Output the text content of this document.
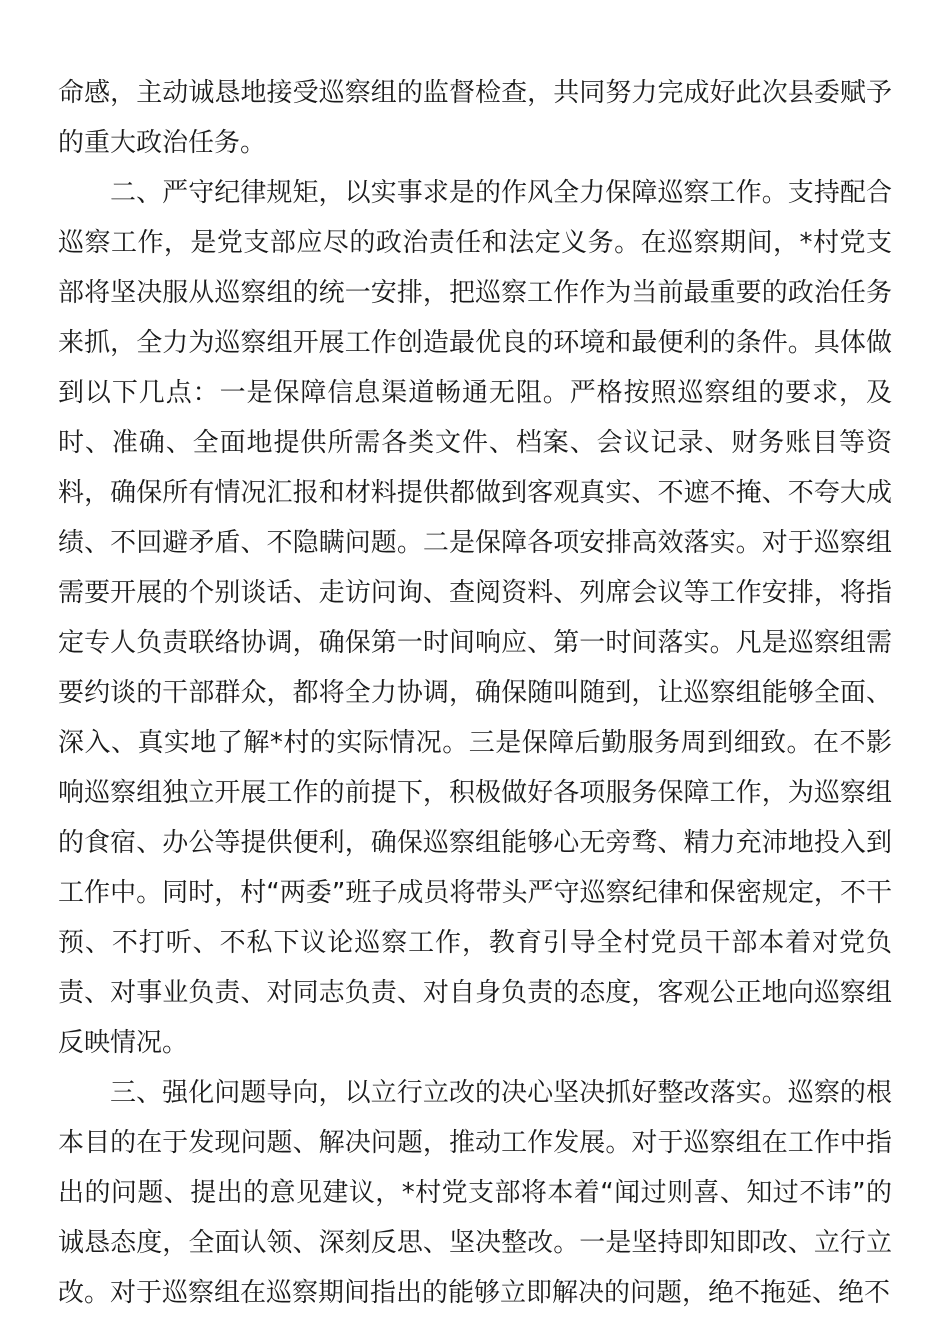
命感，主动诚恳地接受巡察组的监督检查，共同努力完成好此次县委赋予的重大政治任务。

二、严守纪律规矩，以实事求是的作风全力保障巡察工作。支持配合巡察工作，是党支部应尽的政治责任和法定义务。在巡察期间，*村党支部将坚决服从巡察组的统一安排，把巡察工作作为当前最重要的政治任务来抓，全力为巡察组开展工作创造最优良的环境和最便利的条件。具体做到以下几点：一是保障信息渠道畅通无阻。严格按照巡察组的要求，及时、准确、全面地提供所需各类文件、档案、会议记录、财务账目等资料，确保所有情况汇报和材料提供都做到客观真实、不遮不掩、不夸大成绩、不回避矛盾、不隐瞒问题。二是保障各项安排高效落实。对于巡察组需要开展的个别谈话、走访问询、查阅资料、列席会议等工作安排，将指定专人负责联络协调，确保第一时间响应、第一时间落实。凡是巡察组需要约谈的干部群众，都将全力协调，确保随叫随到，让巡察组能够全面、深入、真实地了解*村的实际情况。三是保障后勤服务周到细致。在不影响巡察组独立开展工作的前提下，积极做好各项服务保障工作，为巡察组的食宿、办公等提供便利，确保巡察组能够心无旁骛、精力充沛地投入到工作中。同时，村“两委”班子成员将带头严守巡察纪律和保密规定，不干预、不打听、不私下议论巡察工作，教育引导全村党员干部本着对党负责、对事业负责、对同志负责、对自身负责的态度，客观公正地向巡察组反映情况。

三、强化问题导向，以立行立改的决心坚决抓好整改落实。巡察的根本目的在于发现问题、解决问题，推动工作发展。对于巡察组在工作中指出的问题、提出的意见建议，*村党支部将本着“闻过则喜、知过不讳”的诚恳态度，全面认领、深刻反思、坚决整改。一是坚持即知即改、立行立改。对于巡察组在巡察期间指出的能够立即解决的问题，绝不拖延、绝不
